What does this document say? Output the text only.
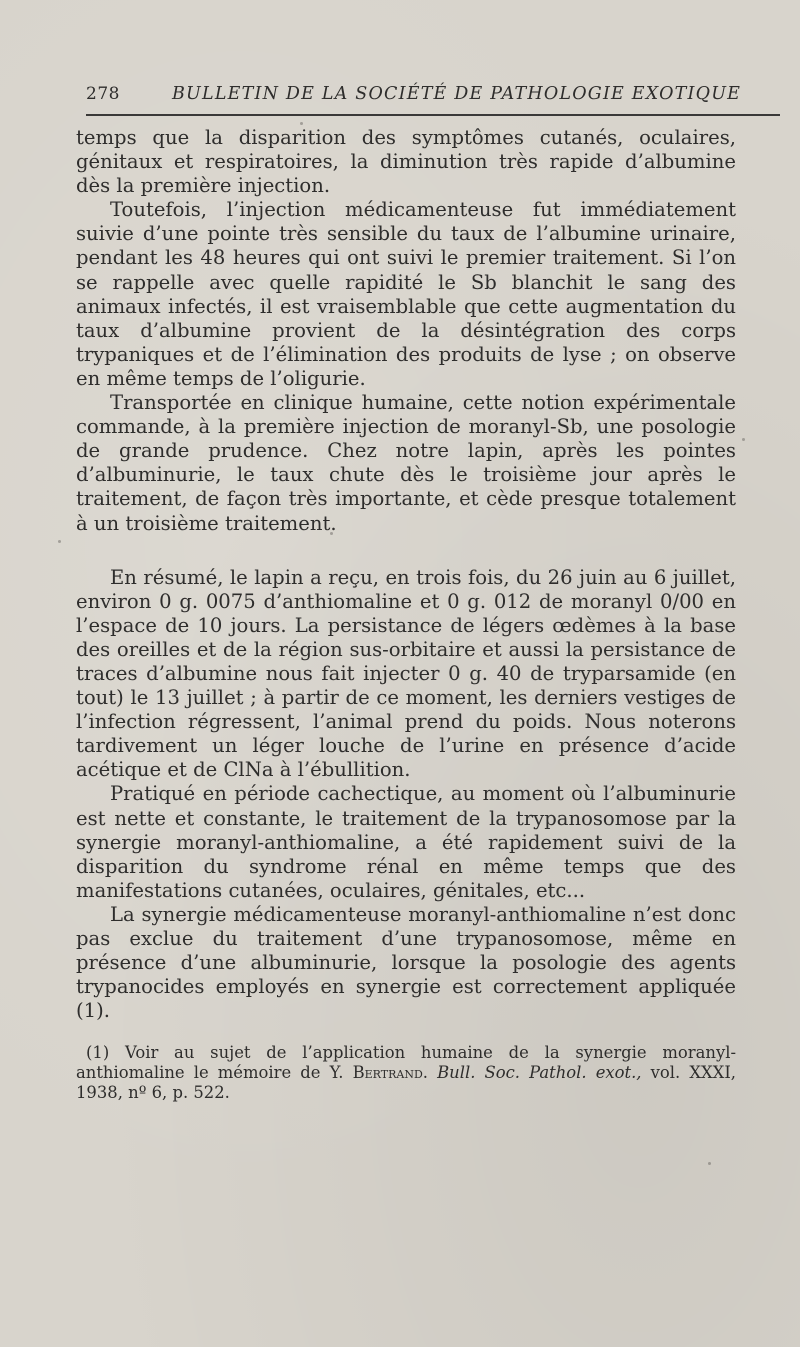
278	BULLETIN DE LA SOCIÉTÉ DE PATHOLOGIE EXOTIQUE

temps que la disparition des symptômes cutanés, oculaires, génitaux et respiratoires, la diminution très rapide d’albumine dès la première injection.

Toutefois, l’injection médicamenteuse fut immédiatement suivie d’une pointe très sensible du taux de l’albumine urinaire, pendant les 48 heures qui ont suivi le premier traitement. Si l’on se rappelle avec quelle rapidité le Sb blanchit le sang des animaux infectés, il est vraisemblable que cette augmentation du taux d’albumine provient de la désintégration des corps trypaniques et de l’élimination des produits de lyse ; on observe en même temps de l’oligurie.

Transportée en clinique humaine, cette notion expérimentale commande, à la première injection de moranyl-Sb, une posologie de grande prudence. Chez notre lapin, après les pointes d’albuminurie, le taux chute dès le troisième jour après le traitement, de façon très importante, et cède presque totalement à un troisième traitement.

En résumé, le lapin a reçu, en trois fois, du 26 juin au 6 juillet, environ 0 g. 0075 d’anthiomaline et 0 g. 012 de moranyl 0/00 en l’espace de 10 jours. La persistance de légers œdèmes à la base des oreilles et de la région sus-orbitaire et aussi la persistance de traces d’albumine nous fait injecter 0 g. 40 de tryparsamide (en tout) le 13 juillet ; à partir de ce moment, les derniers vestiges de l’infection régressent, l’animal prend du poids. Nous noterons tardivement un léger louche de l’urine en présence d’acide acétique et de ClNa à l’ébullition.

Pratiqué en période cachectique, au moment où l’albuminurie est nette et constante, le traitement de la trypanosomose par la synergie moranyl-anthiomaline, a été rapidement suivi de la disparition du syndrome rénal en même temps que des manifestations cutanées, oculaires, génitales, etc...

La synergie médicamenteuse moranyl-anthiomaline n’est donc pas exclue du traitement d’une trypanosomose, même en présence d’une albuminurie, lorsque la posologie des agents trypanocides employés en synergie est correctement appliquée (1).

(1) Voir au sujet de l’application humaine de la synergie moranyl-anthiomaline le mémoire de Y. Bertrand. Bull. Soc. Pathol. exot., vol. XXXI, 1938, nº 6, p. 522.
